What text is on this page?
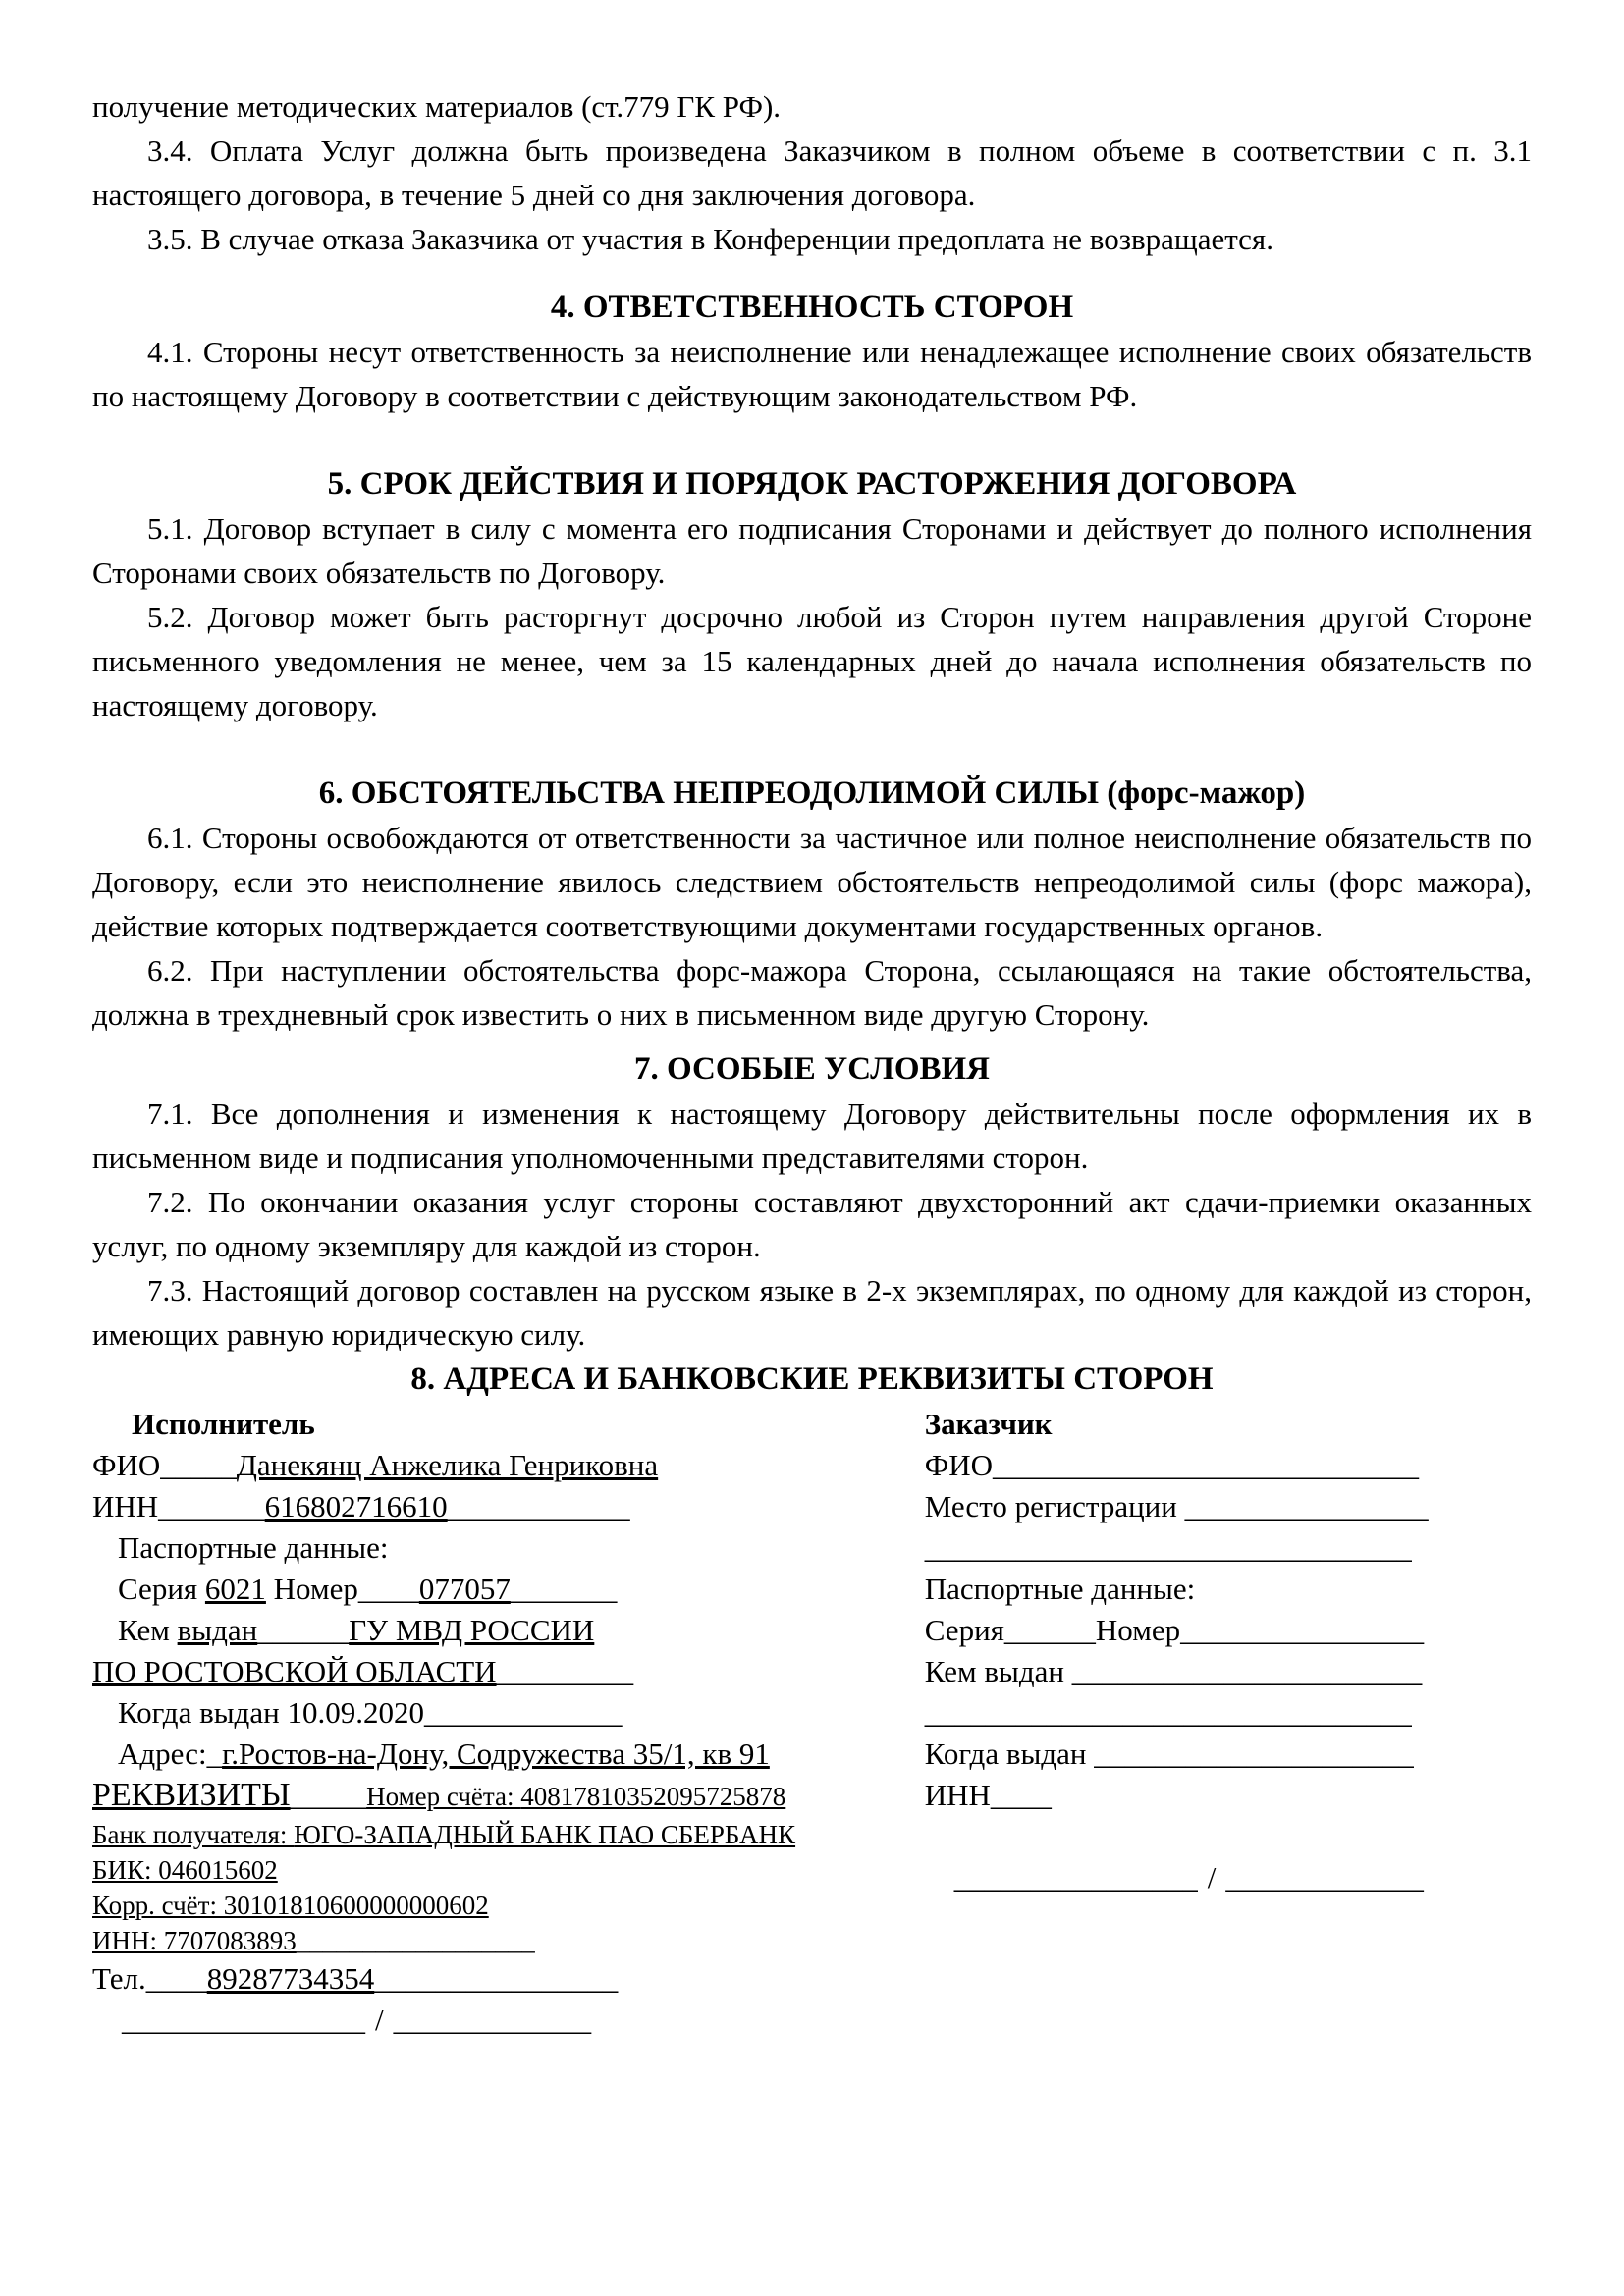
получение методических материалов (ст.779 ГК РФ).

3.4. Оплата Услуг должна быть произведена Заказчиком в полном объеме в соответствии с п. 3.1 настоящего договора, в течение 5 дней со дня заключения договора.

3.5. В случае отказа Заказчика от участия в Конференции предоплата не возвращается.

4. ОТВЕТСТВЕННОСТЬ СТОРОН

4.1. Стороны несут ответственность за неисполнение или ненадлежащее исполнение своих обязательств по настоящему Договору в соответствии с действующим законодательством РФ.

5. СРОК ДЕЙСТВИЯ И ПОРЯДОК РАСТОРЖЕНИЯ ДОГОВОРА

5.1. Договор вступает в силу с момента его подписания Сторонами и действует до полного исполнения Сторонами своих обязательств по Договору.

5.2. Договор может быть расторгнут досрочно любой из Сторон путем направления другой Стороне письменного уведомления не менее, чем за 15 календарных дней до начала исполнения обязательств по настоящему договору.

6. ОБСТОЯТЕЛЬСТВА НЕПРЕОДОЛИМОЙ СИЛЫ (форс-мажор)

6.1. Стороны освобождаются от ответственности за частичное или полное неисполнение обязательств по Договору, если это неисполнение явилось следствием обстоятельств непреодолимой силы (форс мажора), действие которых подтверждается соответствующими документами государственных органов.

6.2. При наступлении обстоятельства форс-мажора Сторона, ссылающаяся на такие обстоятельства, должна в трехдневный срок известить о них в письменном виде другую Сторону.

7. ОСОБЫЕ УСЛОВИЯ

7.1. Все дополнения и изменения к настоящему Договору действительны после оформления их в письменном виде и подписания уполномоченными представителями сторон.

7.2. По окончании оказания услуг стороны составляют двухсторонний акт сдачи-приемки оказанных услуг, по одному экземпляру для каждой из сторон.

7.3. Настоящий договор составлен на русском языке в 2-х экземплярах, по одному для каждой из сторон, имеющих равную юридическую силу.

8. АДРЕСА И БАНКОВСКИЕ РЕКВИЗИТЫ СТОРОН
Исполнитель
ФИО_____Данекянц Анжелика Генриковна
ИНН_______616802716610____________
Паспортные данные:
Серия 6021 Номер____077057_______
Кем выдан______ГУ МВД РОССИИ
ПО РОСТОВСКОЙ ОБЛАСТИ_________
Когда выдан 10.09.2020_____________
Адрес:_г.Ростов-на-Дону, Содружества 35/1, кв 91
РЕКВИЗИТЫ_____Номер счёта: 40817810352095725878
Банк получателя: ЮГО-ЗАПАДНЫЙ БАНК ПАО СБЕРБАНК
БИК: 046015602
Корр. счёт: 30101810600000000602
ИНН: 7707083893__________________
Тел.____89287734354________________
________________ / _____________
Заказчик
ФИО____________________________
Место регистрации ________________
________________________________
Паспортные данные:
Серия______Номер________________
Кем выдан _______________________
________________________________
Когда выдан _____________________
ИНН____
________________ / _____________
